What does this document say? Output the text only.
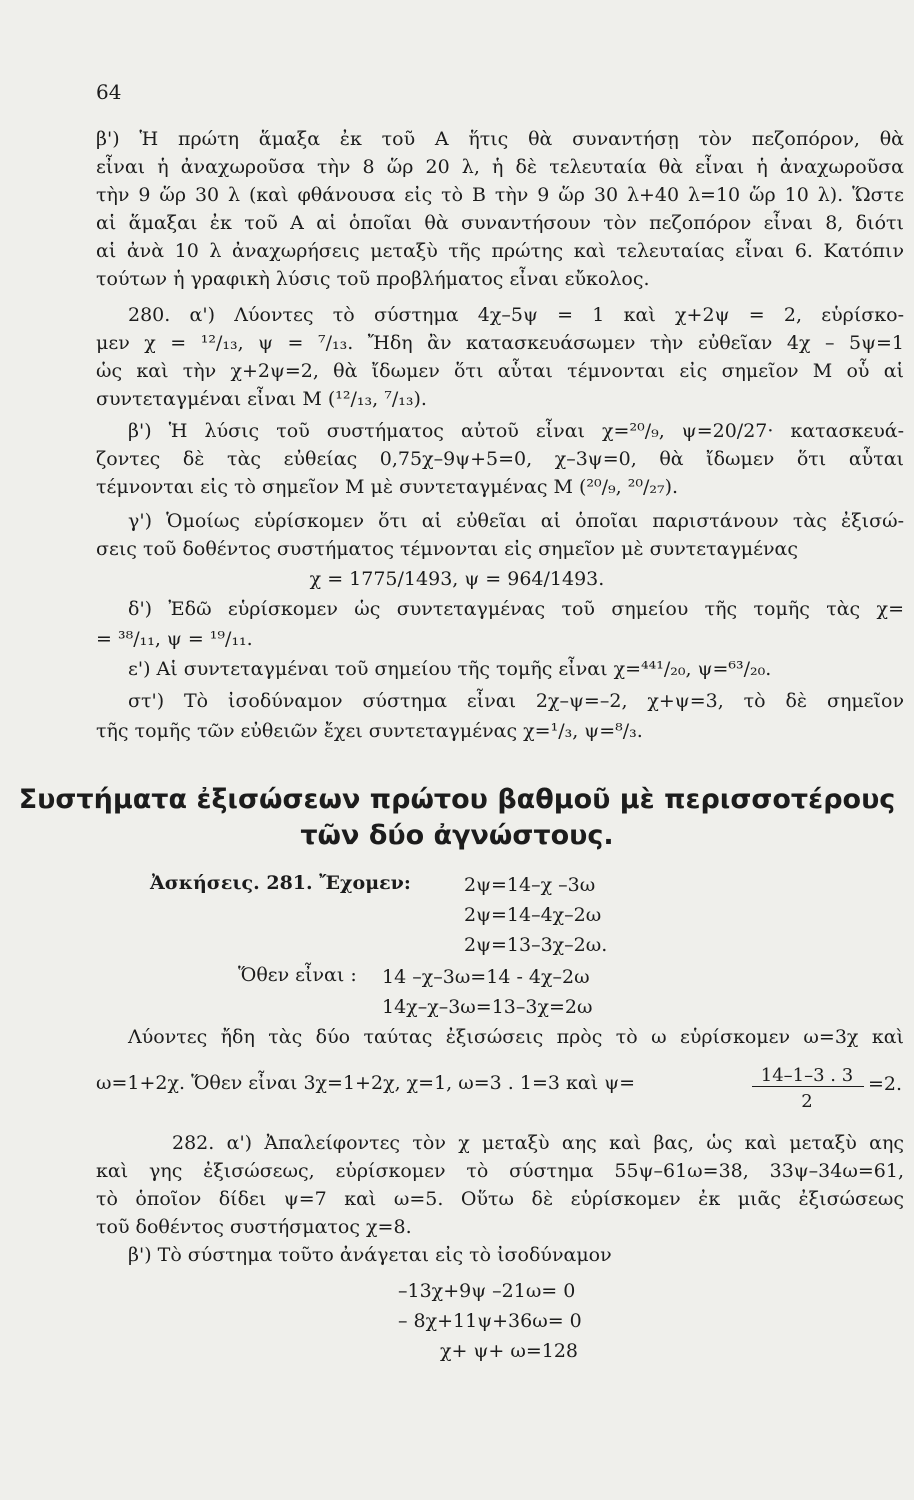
64
β') Ἡ πρώτη ἅμαξα ἐκ τοῦ Α ἥτις θὰ συναντήσῃ τὸν πεζοπόρον, θὰ
εἶναι ἡ ἀναχωροῦσα τὴν 8 ὥρ 20 λ, ἡ δὲ τελευταία θὰ εἶναι ἡ ἀναχωροῦσα
τὴν 9 ὥρ 30 λ (καὶ φθάνουσα εἰς τὸ Β τὴν 9 ὥρ 30 λ+40 λ=10 ὥρ 10 λ). Ὥστε
αἱ ἅμαξαι ἐκ τοῦ Α αἱ ὁποῖαι θὰ συναντήσουν τὸν πεζοπόρον εἶναι 8, διότι
αἱ ἀνὰ 10 λ ἀναχωρήσεις μεταξὺ τῆς πρώτης καὶ τελευταίας εἶναι 6. Κατόπιν
τούτων ἡ γραφικὴ λύσις τοῦ προβλήματος εἶναι εὔκολος.
280. α') Λύοντες τὸ σύστημα 4χ–5ψ = 1 καὶ χ+2ψ = 2, εὑρίσκο-
μεν χ = ¹²/₁₃, ψ = ⁷/₁₃. Ἤδη ἂν κατασκευάσωμεν τὴν εὐθεῖαν 4χ – 5ψ=1
ὡς καὶ τὴν χ+2ψ=2, θὰ ἴδωμεν ὅτι αὗται τέμνονται εἰς σημεῖον Μ οὗ αἱ
συντεταγμέναι εἶναι Μ (¹²/₁₃, ⁷/₁₃).
β') Ἡ λύσις τοῦ συστήματος αὐτοῦ εἶναι χ=²⁰/₉, ψ=20/27· κατασκευά-
ζοντες δὲ τὰς εὐθείας 0,75χ–9ψ+5=0, χ–3ψ=0, θὰ ἴδωμεν ὅτι αὗται
τέμνονται εἰς τὸ σημεῖον Μ μὲ συντεταγμένας Μ (²⁰/₉, ²⁰/₂₇).
γ') Ὁμοίως εὑρίσκομεν ὅτι αἱ εὐθεῖαι αἱ ὁποῖαι παριστάνουν τὰς ἐξισώ-
σεις τοῦ δοθέντος συστήματος τέμνονται εἰς σημεῖον μὲ συντεταγμένας
χ = 1775/1493, ψ = 964/1493.
δ') Ἐδῶ εὑρίσκομεν ὡς συντεταγμένας τοῦ σημείου τῆς τομῆς τὰς χ=
= ³⁸/₁₁, ψ = ¹⁹/₁₁.
ε') Αἱ συντεταγμέναι τοῦ σημείου τῆς τομῆς εἶναι χ=⁴⁴¹/₂₀, ψ=⁶³/₂₀.
στ') Τὸ ἰσοδύναμον σύστημα εἶναι 2χ–ψ=–2, χ+ψ=3, τὸ δὲ σημεῖον
τῆς τομῆς τῶν εὐθειῶν ἔχει συντεταγμένας χ=¹/₃, ψ=⁸/₃.
Συστήματα ἐξισώσεων πρώτου βαθμοῦ μὲ περισσοτέρους
τῶν δύο ἀγνώστους.
Ἀσκήσεις. 281. Ἔχομεν:	2ψ=14–χ –3ω
2ψ=14–4χ–2ω
2ψ=13–3χ–2ω.
Ὅθεν εἶναι : 14 –χ–3ω=14 - 4χ–2ω
14χ–χ–3ω=13–3χ=2ω
Λύοντες ἤδη τὰς δύο ταύτας ἐξισώσεις πρὸς τὸ ω εὑρίσκομεν ω=3χ καὶ
ω=1+2χ. Ὅθεν εἶναι 3χ=1+2χ, χ=1, ω=3 . 1=3 καὶ ψ=	14–1–3 . 3
2
=2.
282. α') Ἀπαλείφοντες τὸν χ μεταξὺ αης καὶ βας, ὡς καὶ μεταξὺ αης
καὶ γης ἐξισώσεως, εὑρίσκομεν τὸ σύστημα 55ψ–61ω=38, 33ψ–34ω=61,
τὸ ὁποῖον δίδει ψ=7 καὶ ω=5. Οὕτω δὲ εὑρίσκομεν ἐκ μιᾶς ἐξισώσεως
τοῦ δοθέντος συστήσματος χ=8.
β') Τὸ σύστημα τοῦτο ἀνάγεται εἰς τὸ ἰσοδύναμον
–13χ+9ψ –21ω= 0
– 8χ+11ψ+36ω= 0
χ+ ψ+ ω=128
